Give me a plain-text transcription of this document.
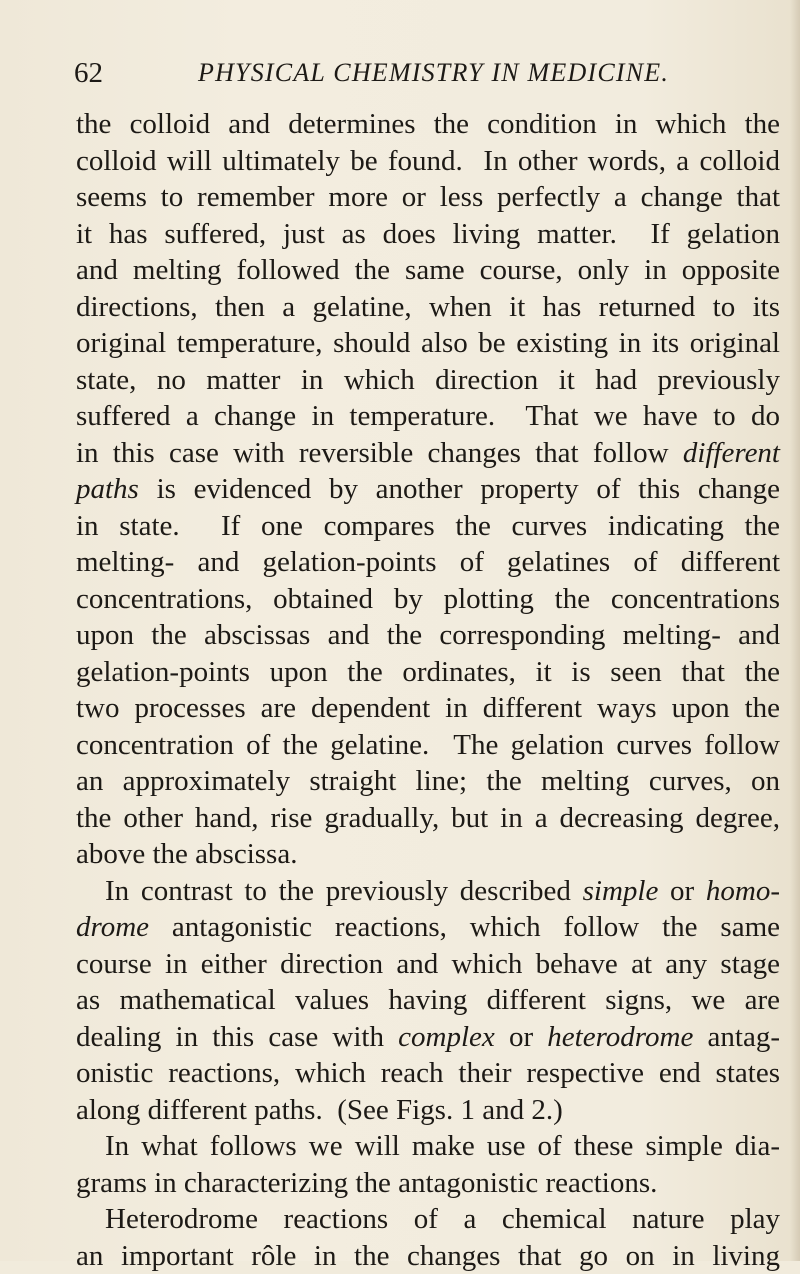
62	PHYSICAL CHEMISTRY IN MEDICINE.
the colloid and determines the condition in which the
colloid will ultimately be found.  In other words, a colloid
seems to remember more or less perfectly a change that
it has suffered, just as does living matter.  If gelation
and melting followed the same course, only in opposite
directions, then a gelatine, when it has returned to its
original temperature, should also be existing in its original
state, no matter in which direction it had previously
suffered a change in temperature.  That we have to do
in this case with reversible changes that follow different
paths is evidenced by another property of this change
in state.  If one compares the curves indicating the
melting- and gelation-points of gelatines of different
concentrations, obtained by plotting the concentrations
upon the abscissas and the corresponding melting- and
gelation-points upon the ordinates, it is seen that the
two processes are dependent in different ways upon the
concentration of the gelatine.  The gelation curves follow
an approximately straight line; the melting curves, on
the other hand, rise gradually, but in a decreasing degree,
above the abscissa.
In contrast to the previously described simple or homo-
drome antagonistic reactions, which follow the same
course in either direction and which behave at any stage
as mathematical values having different signs, we are
dealing in this case with complex or heterodrome antag-
onistic reactions, which reach their respective end states
along different paths.  (See Figs. 1 and 2.)
In what follows we will make use of these simple dia-
grams in characterizing the antagonistic reactions.
Heterodrome reactions of a chemical nature play
an important rôle in the changes that go on in living
